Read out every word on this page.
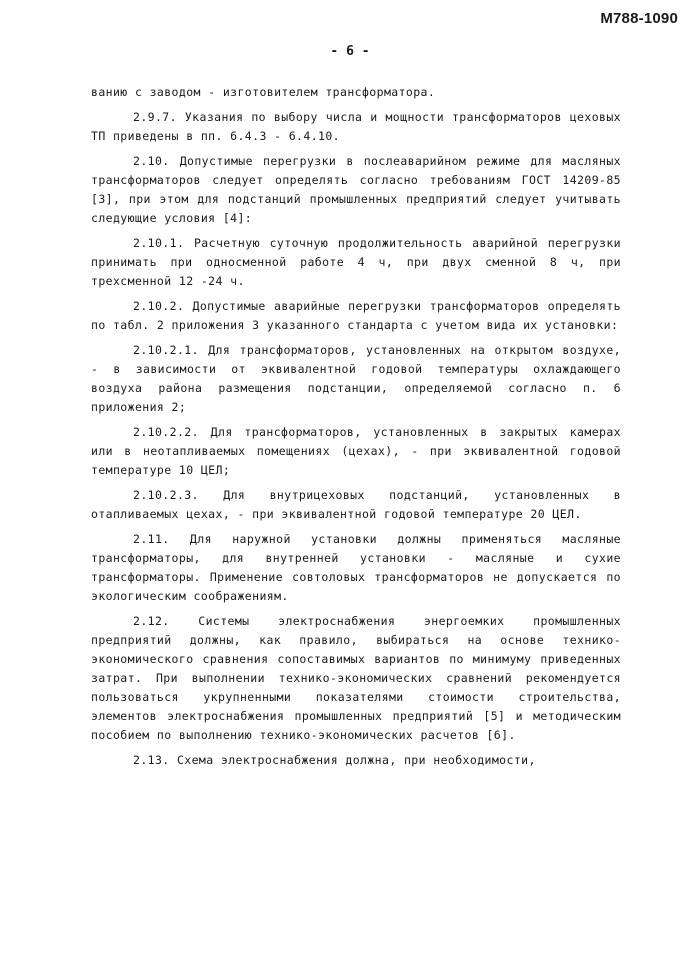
М788-1090
- 6 -

ванию с заводом - изготовителем трансформатора.

2.9.7. Указания по выбору числа и мощности трансформаторов цеховых ТП приведены в пп. 6.4.3 - 6.4.10.

2.10. Допустимые перегрузки в послеаварийном режиме для масляных трансформаторов следует определять согласно требованиям ГОСТ 14209-85 [3], при этом для подстанций промышленных предприятий следует учитывать следующие условия [4]:

2.10.1. Расчетную суточную продолжительность аварийной перегрузки принимать при односменной работе 4 ч, при двух сменной 8 ч, при трехсменной 12 -24 ч.

2.10.2. Допустимые аварийные перегрузки трансформаторов определять по табл. 2 приложения 3 указанного стандарта с учетом вида их установки:

2.10.2.1. Для трансформаторов, установленных на открытом воздухе, - в зависимости от эквивалентной годовой температуры охлаждающего воздуха района размещения подстанции, определяемой согласно п. 6 приложения 2;

2.10.2.2. Для трансформаторов, установленных в закрытых камерах или в неотапливаемых помещениях (цехах), - при эквивалентной годовой температуре 10 ЦЕЛ;

2.10.2.3. Для внутрицеховых подстанций, установленных в отапливаемых цехах, - при эквивалентной годовой температуре 20 ЦЕЛ.

2.11. Для наружной установки должны применяться масляные трансформаторы, для внутренней установки - масляные и сухие трансформаторы. Применение совтоловых трансформаторов не допускается по экологическим соображениям.

2.12. Системы электроснабжения энергоемких промышленных предприятий должны, как правило, выбираться на основе технико-экономического сравнения сопоставимых вариантов по минимуму приведенных затрат. При выполнении технико-экономических сравнений рекомендуется пользоваться укрупненными показателями стоимости строительства, элементов электроснабжения промышленных предприятий [5] и методическим пособием по выполнению технико-экономических расчетов [6].

2.13. Схема электроснабжения должна, при необходимости,
